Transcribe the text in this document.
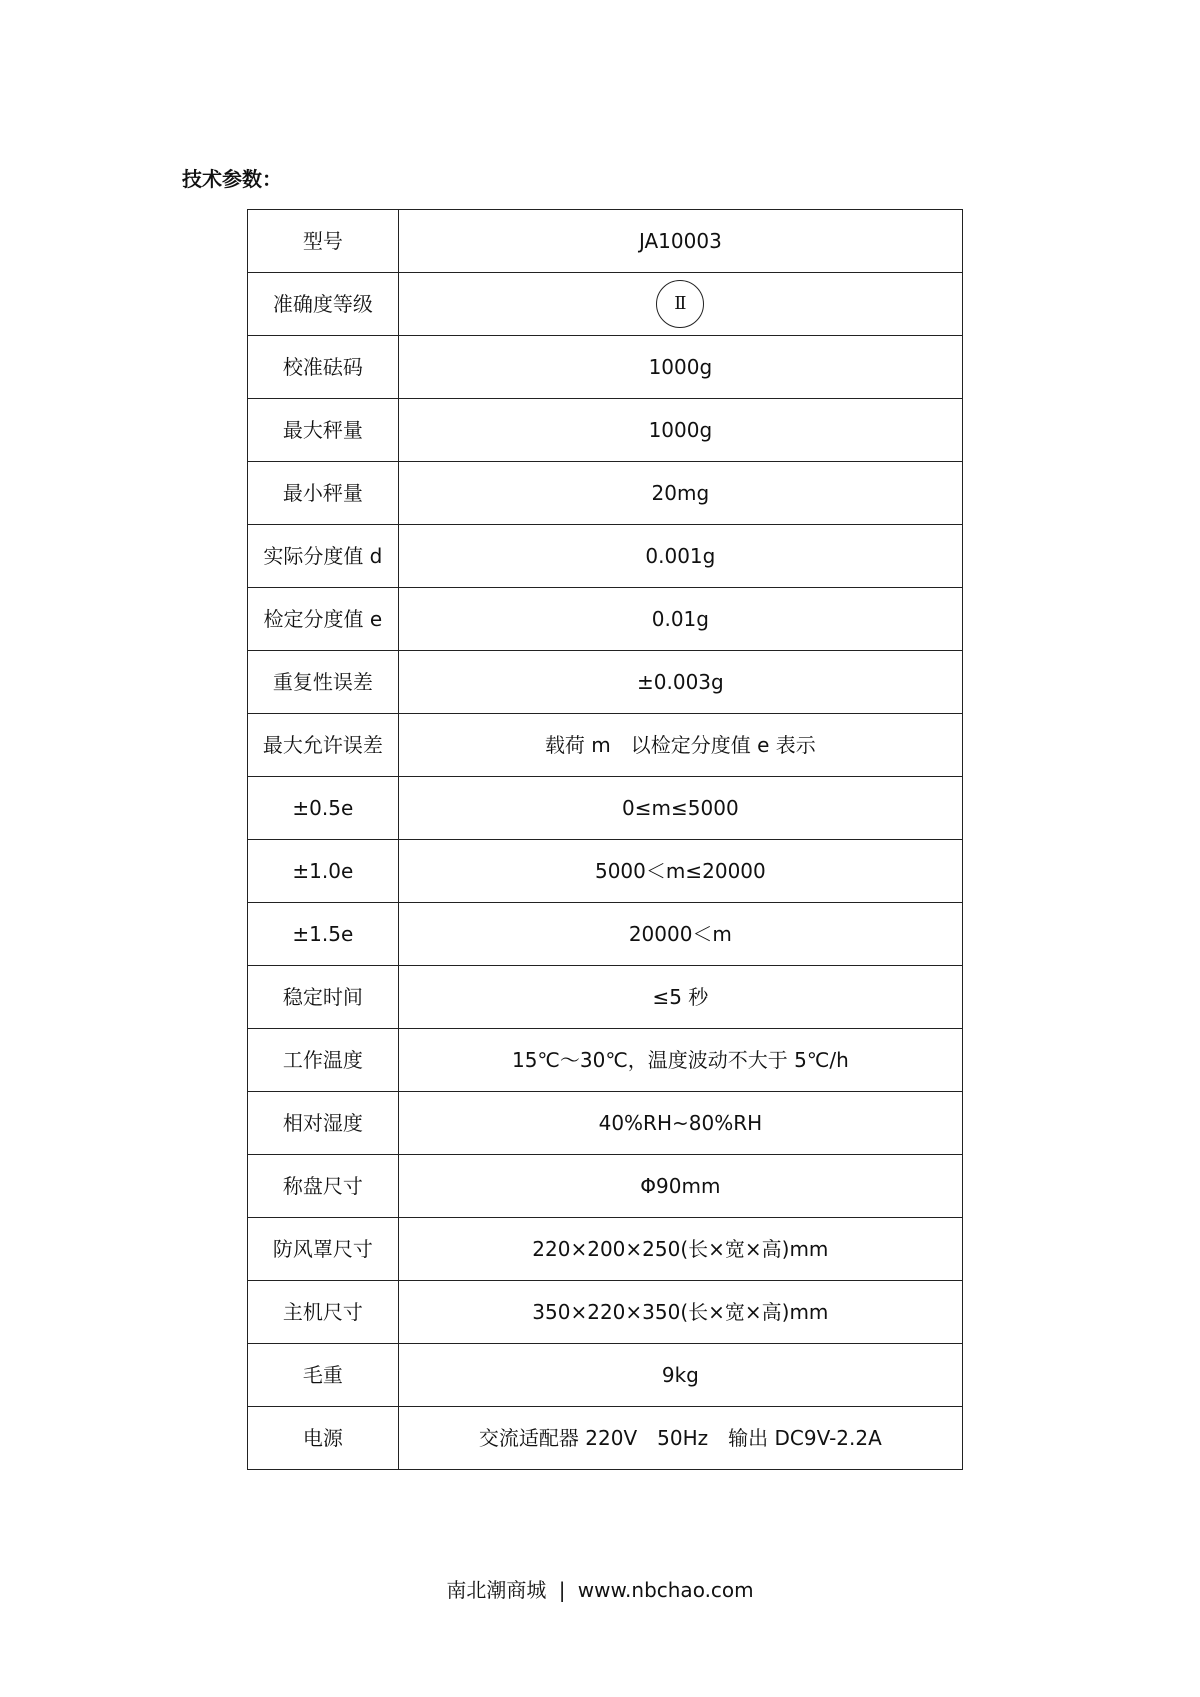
技术参数：
型号	JA10003
准确度等级	Ⅱ
校准砝码	1000g
最大秤量	1000g
最小秤量	20mg
实际分度值 d	0.001g
检定分度值 e	0.01g
重复性误差	±0.003g
最大允许误差	载荷 m　以检定分度值 e 表示
±0.5e	0≤m≤5000
±1.0e	5000＜m≤20000
±1.5e	20000＜m
稳定时间	≤5 秒
工作温度	15℃～30℃，温度波动不大于 5℃/h
相对湿度	40%RH~80%RH
称盘尺寸	Φ90mm
防风罩尺寸	220×200×250(长×宽×高)mm
主机尺寸	350×220×350(长×宽×高)mm
毛重	9kg
电源	交流适配器 220V　50Hz　输出 DC9V-2.2A
南北潮商城 | www.nbchao.com
